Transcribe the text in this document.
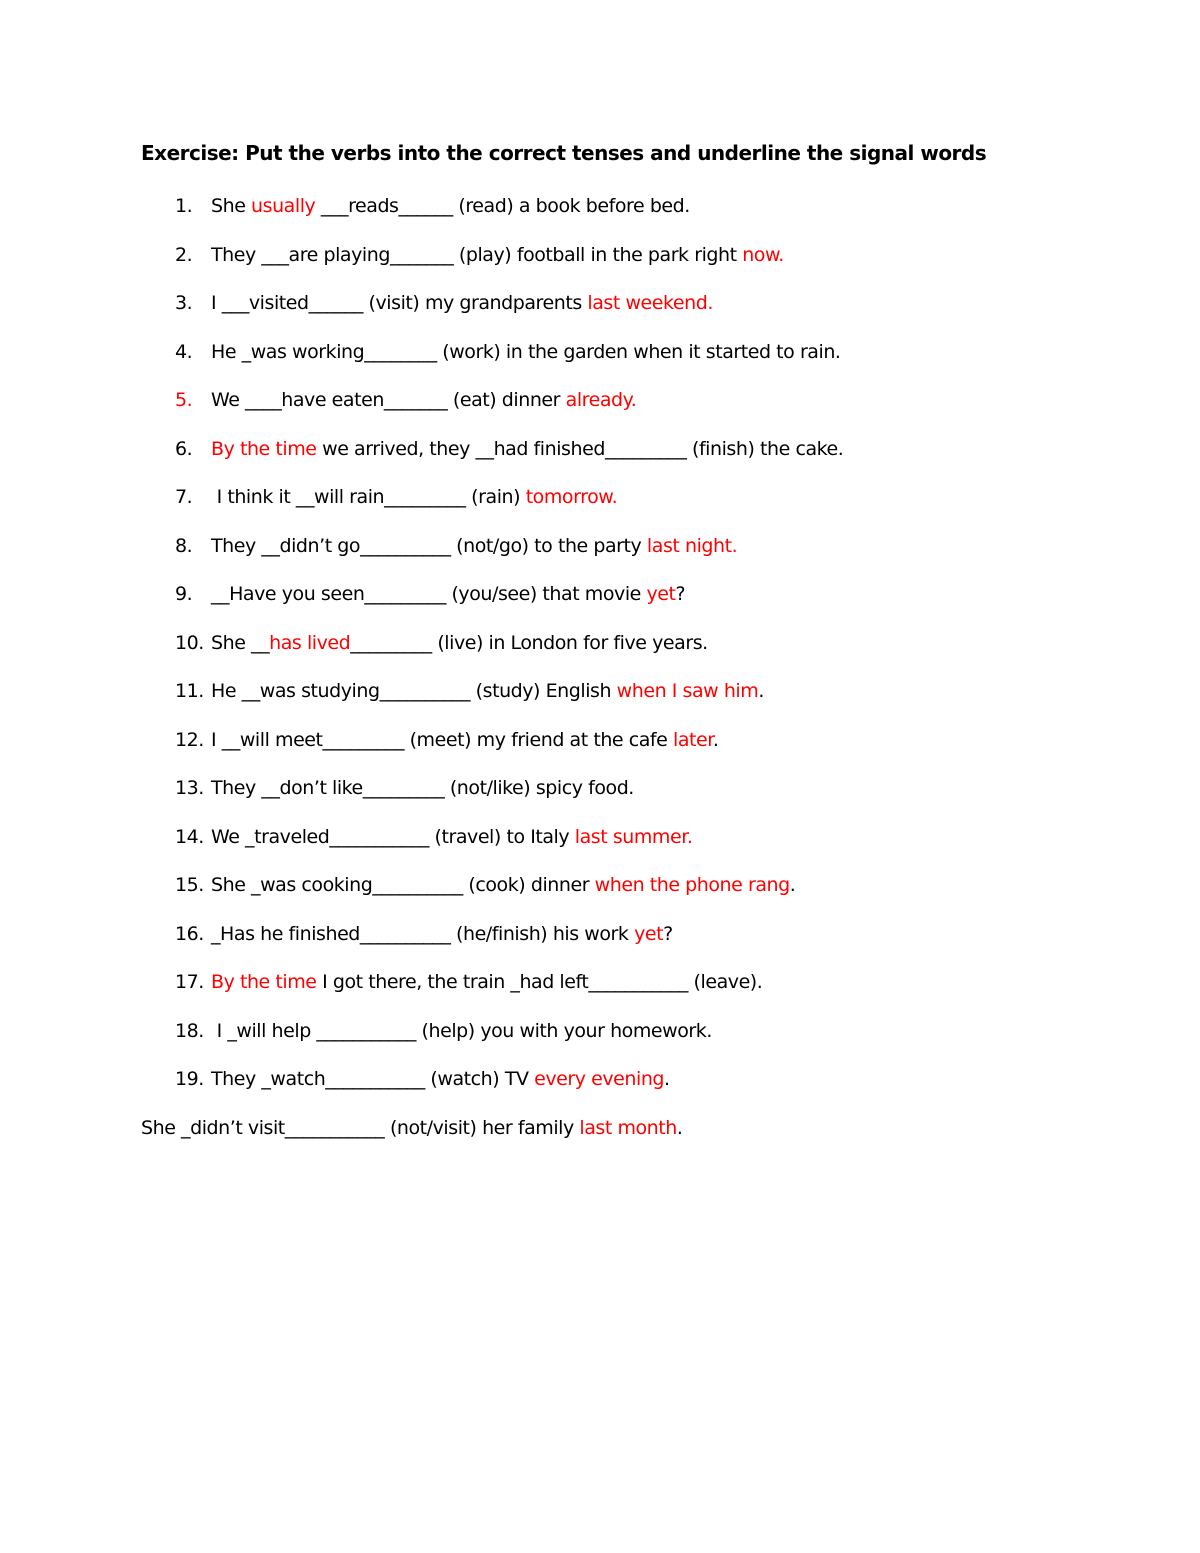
Exercise: Put the verbs into the correct tenses and underline the signal words
1. She usually ___reads______ (read) a book before bed.
2. They ___are playing_______ (play) football in the park right now.
3. I ___visited______ (visit) my grandparents last weekend.
4. He _was working________ (work) in the garden when it started to rain.
5. We ____have eaten_______ (eat) dinner already.
6. By the time we arrived, they __had finished_________ (finish) the cake.
7. I think it __will rain_________ (rain) tomorrow.
8. They __didn’t go__________ (not/go) to the party last night.
9. __Have you seen_________ (you/see) that movie yet?
10. She __has lived_________ (live) in London for five years.
11. He __was studying__________ (study) English when I saw him.
12. I __will meet_________ (meet) my friend at the cafe later.
13. They __don’t like_________ (not/like) spicy food.
14. We _traveled___________ (travel) to Italy last summer.
15. She _was cooking__________ (cook) dinner when the phone rang.
16. _Has he finished__________ (he/finish) his work yet?
17. By the time I got there, the train _had left___________ (leave).
18. I _will help ___________ (help) you with your homework.
19. They _watch___________ (watch) TV every evening.
She _didn’t visit___________ (not/visit) her family last month.
